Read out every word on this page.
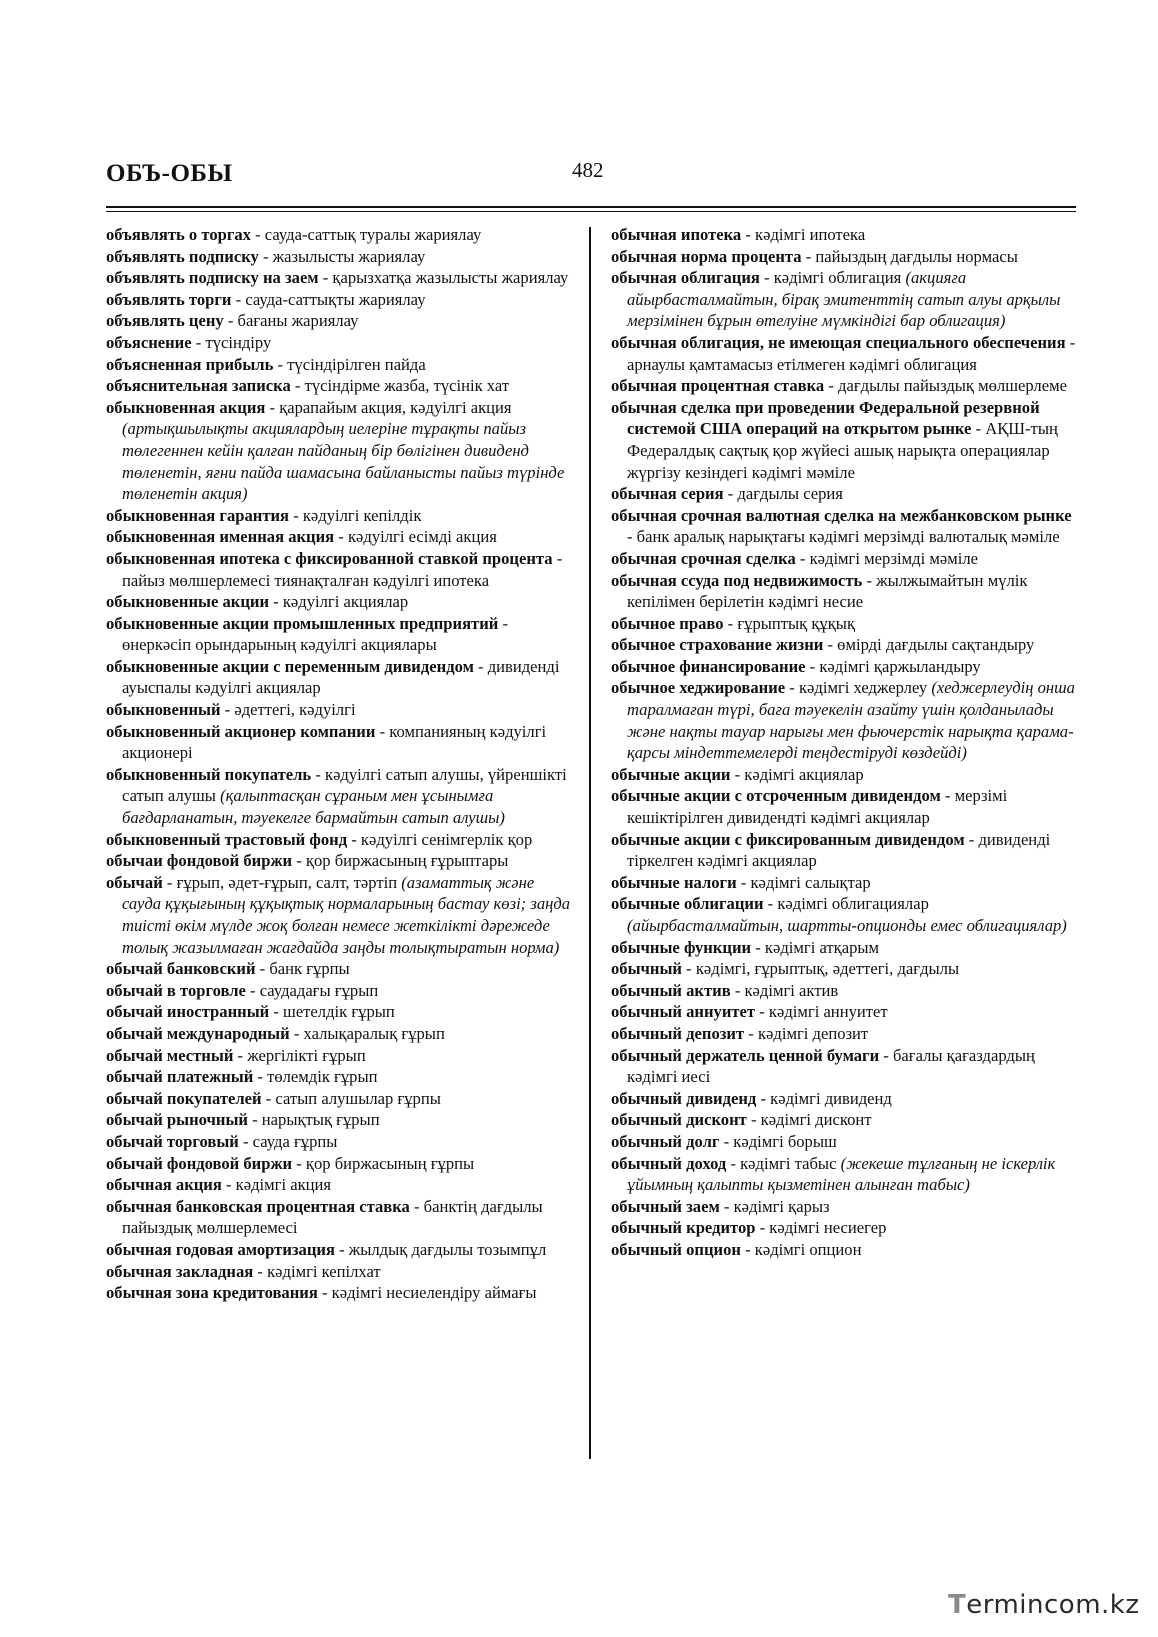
ОБЪ-ОБЫ	482

объявлять о торгах - сауда-саттық туралы жариялау

объявлять подписку - жазылысты жариялау

объявлять подписку на заем - қарызхатқа жазылысты жариялау

объявлять торги - сауда-саттықты жариялау

объявлять цену - бағаны жариялау

объяснение - түсіндіру

объясненная прибыль - түсіндірілген пайда

объяснительная записка - түсіндірме жазба, түсінік хат

обыкновенная акция - қарапайым акция, кәдуілгі акция (артықшылықты акциялардың иелеріне тұрақты пайыз төлегеннен кейін қалған пайданың бір бөлігінен дивиденд төленетін, яғни пайда шамасына байланысты пайыз түрінде төленетін акция)

обыкновенная гарантия - кәдуілгі кепілдік

обыкновенная именная акция - кәдуілгі есімді акция

обыкновенная ипотека с фиксированной ставкой процента - пайыз мөлшерлемесі тиянақталған кәдуілгі ипотека

обыкновенные акции - кәдуілгі акциялар

обыкновенные акции промышленных предприятий - өнеркәсіп орындарының кәдуілгі акциялары

обыкновенные акции с переменным дивидендом - дивиденді ауыспалы кәдуілгі акциялар

обыкновенный - әдеттегі, кәдуілгі

обыкновенный акционер компании - компанияның кәдуілгі акционері

обыкновенный покупатель - кәдуілгі сатып алушы, үйреншікті сатып алушы (қалыптасқан сұраным мен ұсынымға бағдарланатын, тәуекелге бармайтын сатып алушы)

обыкновенный трастовый фонд - кәдуілгі сенімгерлік қор

обычаи фондовой биржи - қор биржасының ғұрыптары

обычай - ғұрып, әдет-ғұрып, салт, тәртіп (азаматтық және сауда құқығының құқықтық нормаларының бастау көзі; заңда тиісті өкім мүлде жоқ болған немесе жеткілікті дәрежеде толық жазылмаған жағдайда заңды толықтыратын норма)

обычай банковский - банк ғұрпы

обычай в торговле - саудадағы ғұрып

обычай иностранный - шетелдік ғұрып

обычай международный - халықаралық ғұрып

обычай местный - жергілікті ғұрып

обычай платежный - төлемдік ғұрып

обычай покупателей - сатып алушылар ғұрпы

обычай рыночный - нарықтық ғұрып

обычай торговый - сауда ғұрпы

обычай фондовой биржи - қор биржасының ғұрпы

обычная акция - кәдімгі акция

обычная банковская процентная ставка - банктің дағдылы пайыздық мөлшерлемесі

обычная годовая амортизация - жылдық дағдылы тозымпұл

обычная закладная - кәдімгі кепілхат

обычная зона кредитования - кәдімгі несиелендіру аймағы

обычная ипотека - кәдімгі ипотека

обычная норма процента - пайыздың дағдылы нормасы

обычная облигация - кәдімгі облигация (акцияға айырбасталмайтын, бірақ эмитенттің сатып алуы арқылы мерзімінен бұрын өтелуіне мүмкіндігі бар облигация)

обычная облигация, не имеющая специального обеспечения - арнаулы қамтамасыз етілмеген кәдімгі облигация

обычная процентная ставка - дағдылы пайыздық мөлшерлеме

обычная сделка при проведении Федеральной резервной системой США операций на открытом рынке - АҚШ-тың Федералдық сақтық қор жүйесі ашық нарықта операциялар жүргізу кезіндегі кәдімгі мәміле

обычная серия - дағдылы серия

обычная срочная валютная сделка на межбанковском рынке - банк аралық нарықтағы кәдімгі мерзімді валюталық мәміле

обычная срочная сделка - кәдімгі мерзімді мәміле

обычная ссуда под недвижимость - жылжымайтын мүлік кепілімен берілетін кәдімгі несие

обычное право - ғұрыптық құқық

обычное страхование жизни - өмірді дағдылы сақтандыру

обычное финансирование - кәдімгі қаржыландыру

обычное хеджирование - кәдімгі хеджерлеу (хеджерлеудің онша таралмаған түрі, баға тәуекелін азайту үшін қолданылады және нақты тауар нарығы мен фьючерстік нарықта қарама-қарсы міндеттемелерді теңдестіруді көздейді)

обычные акции - кәдімгі акциялар

обычные акции с отсроченным дивидендом - мерзімі кешіктірілген дивидендті кәдімгі акциялар

обычные акции с фиксированным дивидендом - дивиденді тіркелген кәдімгі акциялар

обычные налоги - кәдімгі салықтар

обычные облигации - кәдімгі облигациялар (айырбасталмайтын, шартты-опционды емес облигациялар)

обычные функции - кәдімгі атқарым

обычный - кәдімгі, ғұрыптық, әдеттегі, дағдылы

обычный актив - кәдімгі актив

обычный аннуитет - кәдімгі аннуитет

обычный депозит - кәдімгі депозит

обычный держатель ценной бумаги - бағалы қағаздардың кәдімгі иесі

обычный дивиденд - кәдімгі дивиденд

обычный дисконт - кәдімгі дисконт

обычный долг - кәдімгі борыш

обычный доход - кәдімгі табыс (жекеше тұлғаның не іскерлік ұйымның қалыпты қызметінен алынған табыс)

обычный заем - кәдімгі қарыз

обычный кредитор - кәдімгі несиегер

обычный опцион - кәдімгі опцион

Termincom.kz
